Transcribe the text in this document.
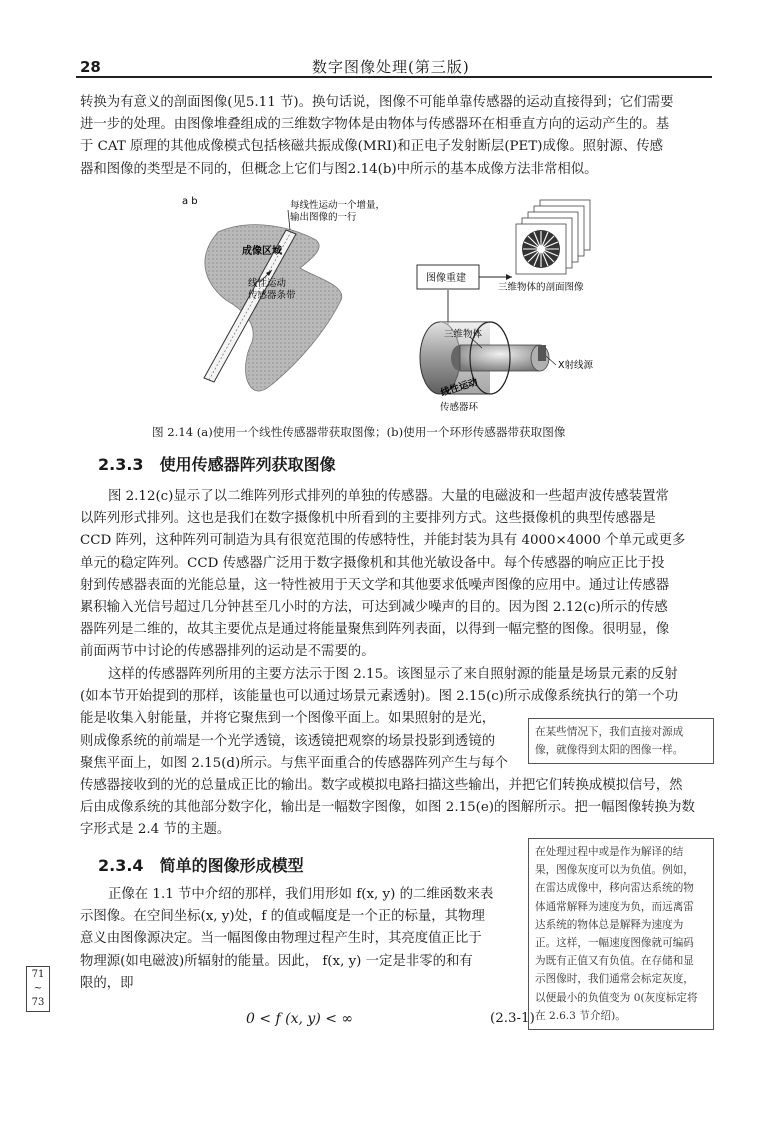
28	数字图像处理(第三版)
转换为有意义的剖面图像(见5.11 节)。换句话说，图像不可能单靠传感器的运动直接得到；它们需要
进一步的处理。由图像堆叠组成的三维数字物体是由物体与传感器环在相垂直方向的运动产生的。基
于 CAT 原理的其他成像模式包括核磁共振成像(MRI)和正电子发射断层(PET)成像。照射源、传感
器和图像的类型是不同的，但概念上它们与图2.14(b)中所示的基本成像方法非常相似。
a b	每线性运动一个增量，
输出图像的一行
成像区域
线性运动
传感器条带
图像重建
三维物体的剖面图像
三维物体
X射线源
线性运动
传感器环
图 2.14 (a)使用一个线性传感器带获取图像；(b)使用一个环形传感器带获取图像
2.3.3 使用传感器阵列获取图像
图 2.12(c)显示了以二维阵列形式排列的单独的传感器。大量的电磁波和一些超声波传感装置常
以阵列形式排列。这也是我们在数字摄像机中所看到的主要排列方式。这些摄像机的典型传感器是
CCD 阵列，这种阵列可制造为具有很宽范围的传感特性，并能封装为具有 4000×4000 个单元或更多
单元的稳定阵列。CCD 传感器广泛用于数字摄像机和其他光敏设备中。每个传感器的响应正比于投
射到传感器表面的光能总量，这一特性被用于天文学和其他要求低噪声图像的应用中。通过让传感器
累积输入光信号超过几分钟甚至几小时的方法，可达到减少噪声的目的。因为图 2.12(c)所示的传感
器阵列是二维的，故其主要优点是通过将能量聚焦到阵列表面，以得到一幅完整的图像。很明显，像
前面两节中讨论的传感器排列的运动是不需要的。
这样的传感器阵列所用的主要方法示于图 2.15。该图显示了来自照射源的能量是场景元素的反射
(如本节开始提到的那样，该能量也可以通过场景元素透射)。图 2.15(c)所示成像系统执行的第一个功
能是收集入射能量，并将它聚焦到一个图像平面上。如果照射的是光，
则成像系统的前端是一个光学透镜，该透镜把观察的场景投影到透镜的
聚焦平面上，如图 2.15(d)所示。与焦平面重合的传感器阵列产生与每个
传感器接收到的光的总量成正比的输出。数字或模拟电路扫描这些输出，并把它们转换成模拟信号，然
后由成像系统的其他部分数字化，输出是一幅数字图像，如图 2.15(e)的图解所示。把一幅图像转换为数
字形式是 2.4 节的主题。
在某些情况下，我们直接对源成
像，就像得到太阳的图像一样。
2.3.4 简单的图像形成模型
正像在 1.1 节中介绍的那样，我们用形如 f(x, y) 的二维函数来表
示图像。在空间坐标(x, y)处，f 的值或幅度是一个正的标量，其物理
意义由图像源决定。当一幅图像由物理过程产生时，其亮度值正比于
物理源(如电磁波)所辐射的能量。因此， f(x, y) 一定是非零的和有
限的，即
在处理过程中或是作为解译的结
果，图像灰度可以为负值。例如，
在雷达成像中，移向雷达系统的物
体通常解释为速度为负，而远离雷
达系统的物体总是解释为速度为
正。这样，一幅速度图像就可编码
为既有正值又有负值。在存储和显
示图像时，我们通常会标定灰度，
以便最小的负值变为 0(灰度标定将
在 2.6.3 节介绍)。
71
~
73
0 < f (x, y) < ∞	(2.3-1)
